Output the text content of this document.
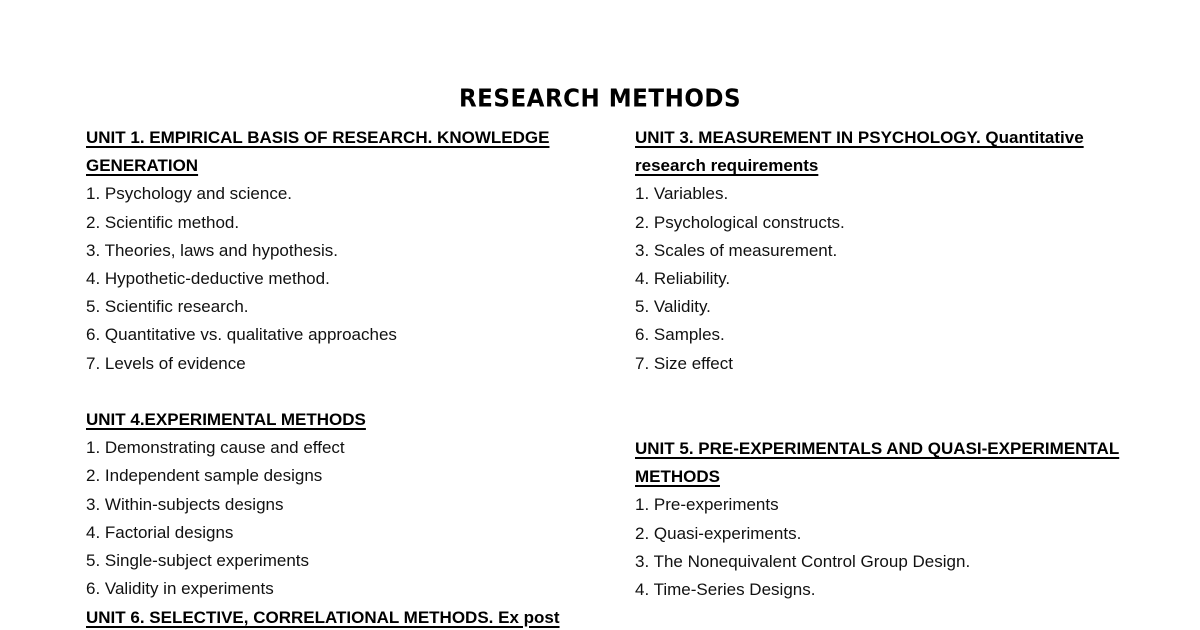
RESEARCH METHODS
UNIT 1. EMPIRICAL BASIS OF RESEARCH. KNOWLEDGE
GENERATION
1. Psychology and science.
2. Scientific method.
3. Theories, laws and hypothesis.
4. Hypothetic-deductive method.
5. Scientific research.
6. Quantitative vs. qualitative approaches
7. Levels of evidence
UNIT 3. MEASUREMENT IN PSYCHOLOGY. Quantitative
research requirements
1. Variables.
2. Psychological constructs.
3. Scales of measurement.
4. Reliability.
5. Validity.
6. Samples.
7. Size effect
UNIT 4.EXPERIMENTAL METHODS
1. Demonstrating cause and effect
2. Independent sample designs
3. Within-subjects designs
4. Factorial designs
5. Single-subject experiments
6. Validity in experiments
UNIT 5. PRE-EXPERIMENTALS AND QUASI-EXPERIMENTAL
METHODS
1. Pre-experiments
2. Quasi-experiments.
3. The Nonequivalent Control Group Design.
4. Time-Series Designs.
UNIT 6. SELECTIVE, CORRELATIONAL METHODS. Ex post
